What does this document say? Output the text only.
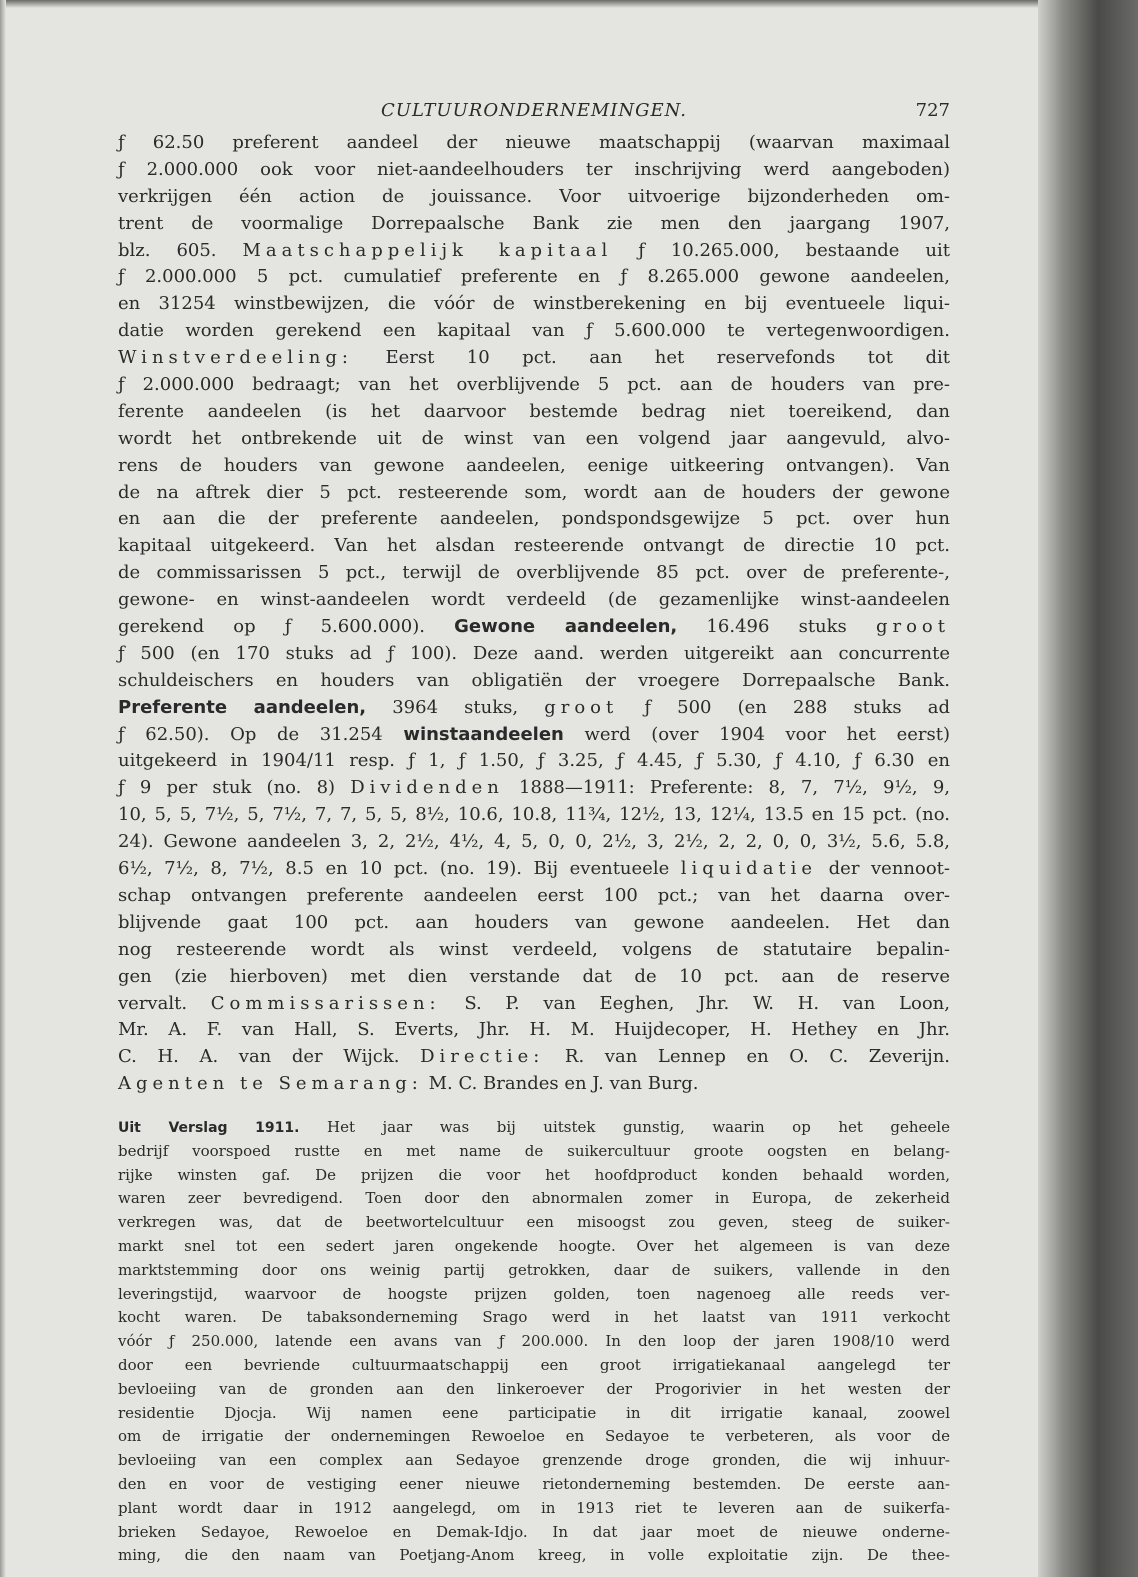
CULTUURONDERNEMINGEN.	727
ƒ 62.50 preferent aandeel der nieuwe maatschappij (waarvan maximaal
ƒ 2.000.000 ook voor niet-aandeelhouders ter inschrijving werd aangeboden)
verkrijgen één action de jouissance. Voor uitvoerige bijzonderheden om-
trent de voormalige Dorrepaalsche Bank zie men den jaargang 1907,
blz. 605. Maatschappelijk kapitaal ƒ 10.265.000, bestaande uit
ƒ 2.000.000 5 pct. cumulatief preferente en ƒ 8.265.000 gewone aandeelen,
en 31254 winstbewijzen, die vóór de winstberekening en bij eventueele liqui-
datie worden gerekend een kapitaal van ƒ 5.600.000 te vertegenwoordigen.
Winstverdeeling: Eerst 10 pct. aan het reservefonds tot dit
ƒ 2.000.000 bedraagt; van het overblijvende 5 pct. aan de houders van pre-
ferente aandeelen (is het daarvoor bestemde bedrag niet toereikend, dan
wordt het ontbrekende uit de winst van een volgend jaar aangevuld, alvo-
rens de houders van gewone aandeelen, eenige uitkeering ontvangen). Van
de na aftrek dier 5 pct. resteerende som, wordt aan de houders der gewone
en aan die der preferente aandeelen, pondspondsgewijze 5 pct. over hun
kapitaal uitgekeerd. Van het alsdan resteerende ontvangt de directie 10 pct.
de commissarissen 5 pct., terwijl de overblijvende 85 pct. over de preferente-,
gewone- en winst-aandeelen wordt verdeeld (de gezamenlijke winst-aandeelen
gerekend op ƒ 5.600.000). Gewone aandeelen, 16.496 stuks groot
ƒ 500 (en 170 stuks ad ƒ 100). Deze aand. werden uitgereikt aan concurrente
schuldeischers en houders van obligatiën der vroegere Dorrepaalsche Bank.
Preferente aandeelen, 3964 stuks, groot ƒ 500 (en 288 stuks ad
ƒ 62.50). Op de 31.254 winstaandeelen werd (over 1904 voor het eerst)
uitgekeerd in 1904/11 resp. ƒ 1, ƒ 1.50, ƒ 3.25, ƒ 4.45, ƒ 5.30, ƒ 4.10, ƒ 6.30 en
ƒ 9 per stuk (no. 8) Dividenden 1888—1911: Preferente: 8, 7, 7½, 9½, 9,
10, 5, 5, 7½, 5, 7½, 7, 7, 5, 5, 8½, 10.6, 10.8, 11¾, 12½, 13, 12¼, 13.5 en 15 pct. (no.
24). Gewone aandeelen 3, 2, 2½, 4½, 4, 5, 0, 0, 2½, 3, 2½, 2, 2, 0, 0, 3½, 5.6, 5.8,
6½, 7½, 8, 7½, 8.5 en 10 pct. (no. 19). Bij eventueele liquidatie der vennoot-
schap ontvangen preferente aandeelen eerst 100 pct.; van het daarna over-
blijvende gaat 100 pct. aan houders van gewone aandeelen. Het dan
nog resteerende wordt als winst verdeeld, volgens de statutaire bepalin-
gen (zie hierboven) met dien verstande dat de 10 pct. aan de reserve
vervalt. Commissarissen: S. P. van Eeghen, Jhr. W. H. van Loon,
Mr. A. F. van Hall, S. Everts, Jhr. H. M. Huijdecoper, H. Hethey en Jhr.
C. H. A. van der Wijck. Directie: R. van Lennep en O. C. Zeverijn.
Agenten te Semarang: M. C. Brandes en J. van Burg.
Uit Verslag 1911. Het jaar was bij uitstek gunstig, waarin op het geheele
bedrijf voorspoed rustte en met name de suikercultuur groote oogsten en belang-
rijke winsten gaf. De prijzen die voor het hoofdproduct konden behaald worden,
waren zeer bevredigend. Toen door den abnormalen zomer in Europa, de zekerheid
verkregen was, dat de beetwortelcultuur een misoogst zou geven, steeg de suiker-
markt snel tot een sedert jaren ongekende hoogte. Over het algemeen is van deze
marktstemming door ons weinig partij getrokken, daar de suikers, vallende in den
leveringstijd, waarvoor de hoogste prijzen golden, toen nagenoeg alle reeds ver-
kocht waren. De tabaksonderneming Srago werd in het laatst van 1911 verkocht
vóór ƒ 250.000, latende een avans van ƒ 200.000. In den loop der jaren 1908/10 werd
door een bevriende cultuurmaatschappij een groot irrigatiekanaal aangelegd ter
bevloeiing van de gronden aan den linkeroever der Progorivier in het westen der
residentie Djocja. Wij namen eene participatie in dit irrigatie kanaal, zoowel
om de irrigatie der ondernemingen Rewoeloe en Sedayoe te verbeteren, als voor de
bevloeiing van een complex aan Sedayoe grenzende droge gronden, die wij inhuur-
den en voor de vestiging eener nieuwe rietonderneming bestemden. De eerste aan-
plant wordt daar in 1912 aangelegd, om in 1913 riet te leveren aan de suikerfa-
brieken Sedayoe, Rewoeloe en Demak-Idjo. In dat jaar moet de nieuwe onderne-
ming, die den naam van Poetjang-Anom kreeg, in volle exploitatie zijn. De thee-
